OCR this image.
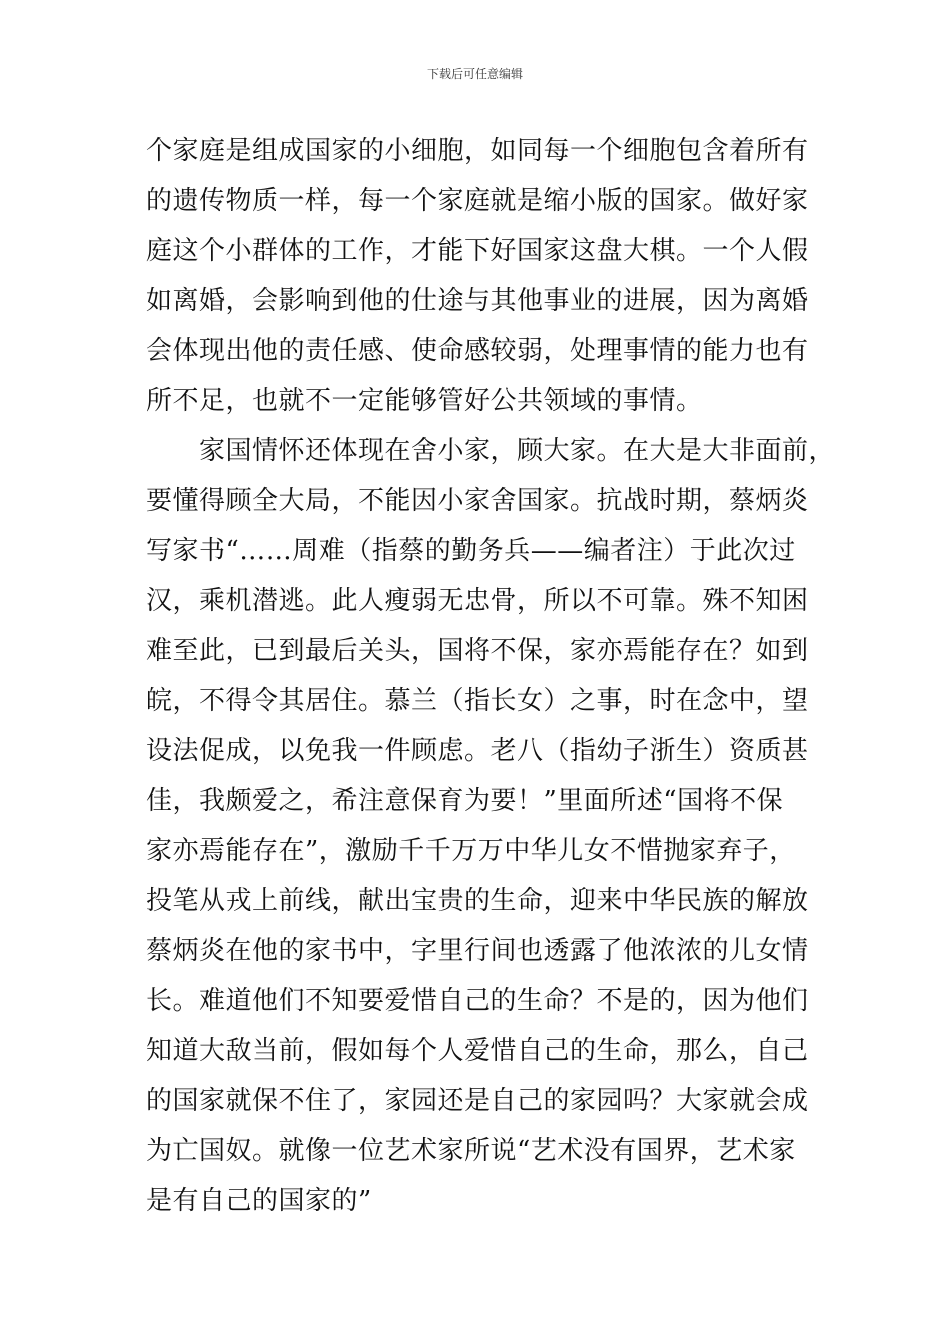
下载后可任意编辑
个家庭是组成国家的小细胞，如同每一个细胞包含着所有
的遗传物质一样，每一个家庭就是缩小版的国家。做好家
庭这个小群体的工作，才能下好国家这盘大棋。一个人假
如离婚，会影响到他的仕途与其他事业的进展，因为离婚
会体现出他的责任感、使命感较弱，处理事情的能力也有
所不足，也就不一定能够管好公共领域的事情。
　　家国情怀还体现在舍小家，顾大家。在大是大非面前，
要懂得顾全大局，不能因小家舍国家。抗战时期，蔡炳炎
写家书“……周难（指蔡的勤务兵——编者注）于此次过
汉，乘机潜逃。此人瘦弱无忠骨，所以不可靠。殊不知困
难至此，已到最后关头，国将不保，家亦焉能存在？如到
皖，不得令其居住。慕兰（指长女）之事，时在念中，望
设法促成，以免我一件顾虑。老八（指幼子浙生）资质甚
佳，我颇爱之，希注意保育为要！”里面所述“国将不保
家亦焉能存在”，激励千千万万中华儿女不惜抛家弃子，
投笔从戎上前线，献出宝贵的生命，迎来中华民族的解放
蔡炳炎在他的家书中，字里行间也透露了他浓浓的儿女情
长。难道他们不知要爱惜自己的生命？不是的，因为他们
知道大敌当前，假如每个人爱惜自己的生命，那么，自己
的国家就保不住了，家园还是自己的家园吗？大家就会成
为亡国奴。就像一位艺术家所说“艺术没有国界，艺术家
是有自己的国家的”
